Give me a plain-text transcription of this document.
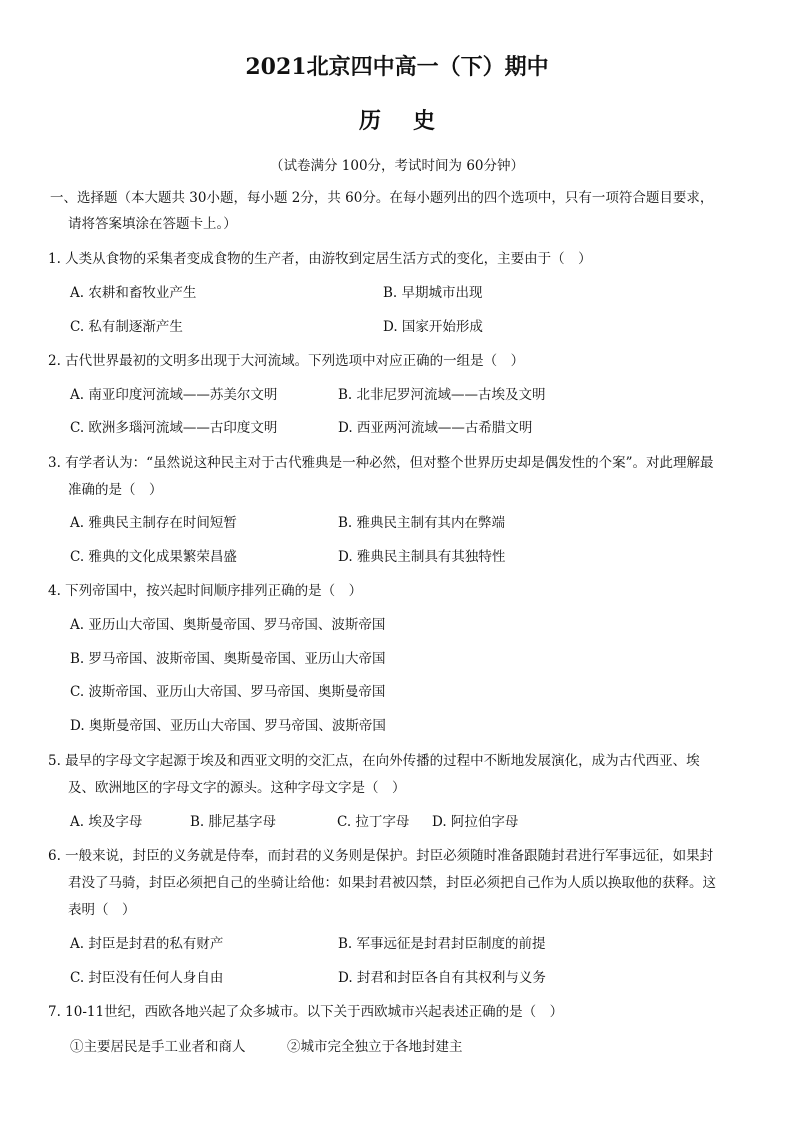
2021北京四中高一（下）期中
历史
（试卷满分 100分，考试时间为 60分钟）
一、选择题（本大题共 30小题，每小题 2分，共 60分。在每小题列出的四个选项中，只有一项符合题目要求，
请将答案填涂在答题卡上。）
1. 人类从食物的采集者变成食物的生产者，由游牧到定居生活方式的变化，主要由于（　）
A. 农耕和畜牧业产生	B. 早期城市出现
C. 私有制逐渐产生	D. 国家开始形成
2. 古代世界最初的文明多出现于大河流域。下列选项中对应正确的一组是（　）
A. 南亚印度河流域——苏美尔文明	B. 北非尼罗河流域——古埃及文明
C. 欧洲多瑙河流域——古印度文明	D. 西亚两河流域——古希腊文明
3. 有学者认为：“虽然说这种民主对于古代雅典是一种必然，但对整个世界历史却是偶发性的个案”。对此理解最
准确的是（　）
A. 雅典民主制存在时间短暂	B. 雅典民主制有其内在弊端
C. 雅典的文化成果繁荣昌盛	D. 雅典民主制具有其独特性
4. 下列帝国中，按兴起时间顺序排列正确的是（　）
A. 亚历山大帝国、奥斯曼帝国、罗马帝国、波斯帝国
B. 罗马帝国、波斯帝国、奥斯曼帝国、亚历山大帝国
C. 波斯帝国、亚历山大帝国、罗马帝国、奥斯曼帝国
D. 奥斯曼帝国、亚历山大帝国、罗马帝国、波斯帝国
5. 最早的字母文字起源于埃及和西亚文明的交汇点，在向外传播的过程中不断地发展演化，成为古代西亚、埃
及、欧洲地区的字母文字的源头。这种字母文字是（　）
A. 埃及字母	B. 腓尼基字母	C. 拉丁字母 D. 阿拉伯字母
6. 一般来说，封臣的义务就是侍奉，而封君的义务则是保护。封臣必须随时准备跟随封君进行军事远征，如果封
君没了马骑，封臣必须把自己的坐骑让给他：如果封君被囚禁，封臣必须把自己作为人质以换取他的获释。这
表明（　）
A. 封臣是封君的私有财产	B. 军事远征是封君封臣制度的前提
C. 封臣没有任何人身自由	D. 封君和封臣各自有其权利与义务
7. 10-11世纪，西欧各地兴起了众多城市。以下关于西欧城市兴起表述正确的是（　）
①主要居民是手工业者和商人	②城市完全独立于各地封建主
